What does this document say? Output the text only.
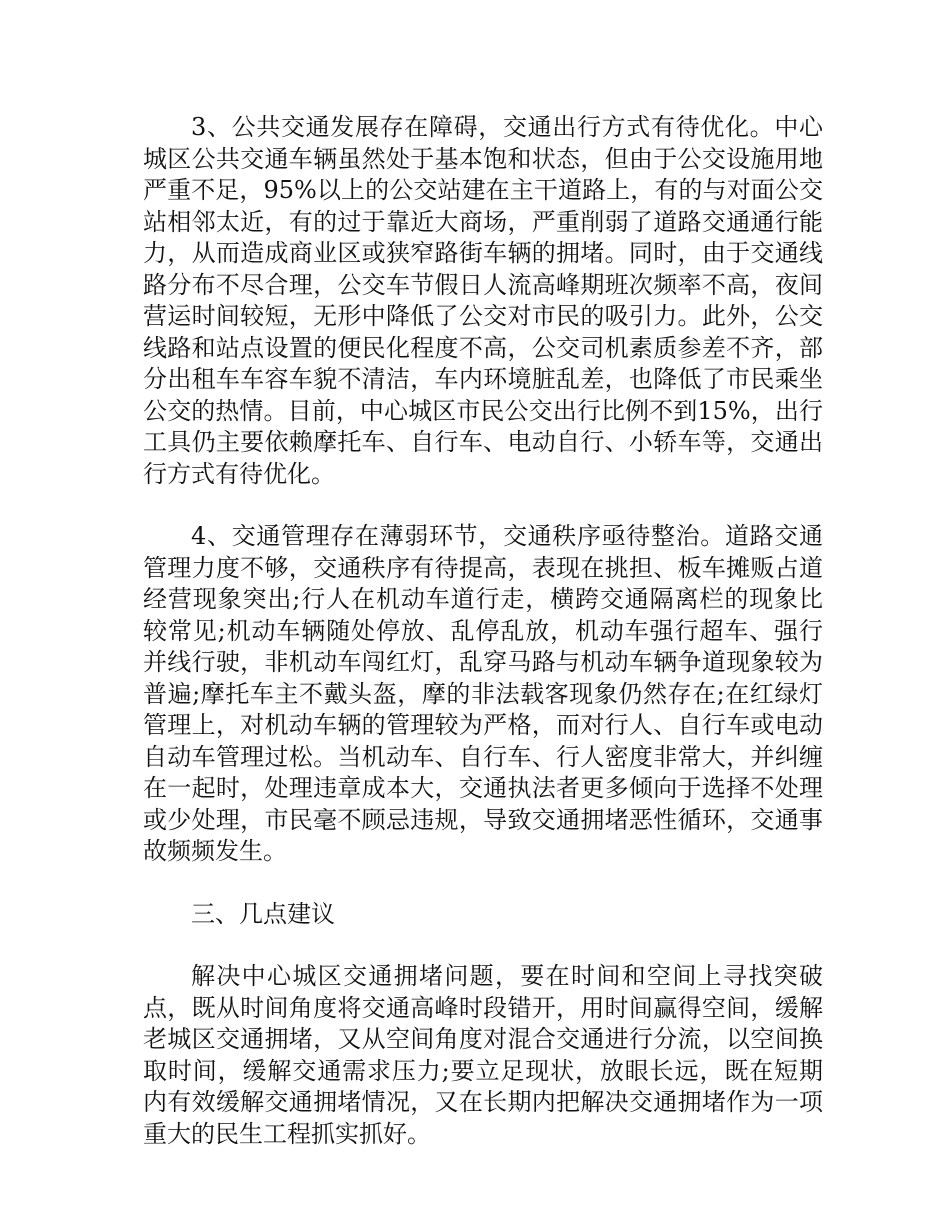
3、公共交通发展存在障碍，交通出行方式有待优化。中心城区公共交通车辆虽然处于基本饱和状态，但由于公交设施用地严重不足，95%以上的公交站建在主干道路上，有的与对面公交站相邻太近，有的过于靠近大商场，严重削弱了道路交通通行能力，从而造成商业区或狭窄路街车辆的拥堵。同时，由于交通线路分布不尽合理，公交车节假日人流高峰期班次频率不高，夜间营运时间较短，无形中降低了公交对市民的吸引力。此外，公交线路和站点设置的便民化程度不高，公交司机素质参差不齐，部分出租车车容车貌不清洁，车内环境脏乱差，也降低了市民乘坐公交的热情。目前，中心城区市民公交出行比例不到15%，出行工具仍主要依赖摩托车、自行车、电动自行、小轿车等，交通出行方式有待优化。

4、交通管理存在薄弱环节，交通秩序亟待整治。道路交通管理力度不够，交通秩序有待提高，表现在挑担、板车摊贩占道经营现象突出;行人在机动车道行走，横跨交通隔离栏的现象比较常见;机动车辆随处停放、乱停乱放，机动车强行超车、强行并线行驶，非机动车闯红灯，乱穿马路与机动车辆争道现象较为普遍;摩托车主不戴头盔，摩的非法载客现象仍然存在;在红绿灯管理上，对机动车辆的管理较为严格，而对行人、自行车或电动自动车管理过松。当机动车、自行车、行人密度非常大，并纠缠在一起时，处理违章成本大，交通执法者更多倾向于选择不处理或少处理，市民毫不顾忌违规，导致交通拥堵恶性循环，交通事故频频发生。

三、几点建议

解决中心城区交通拥堵问题，要在时间和空间上寻找突破点，既从时间角度将交通高峰时段错开，用时间赢得空间，缓解老城区交通拥堵，又从空间角度对混合交通进行分流，以空间换取时间，缓解交通需求压力;要立足现状，放眼长远，既在短期内有效缓解交通拥堵情况，又在长期内把解决交通拥堵作为一项重大的民生工程抓实抓好。
